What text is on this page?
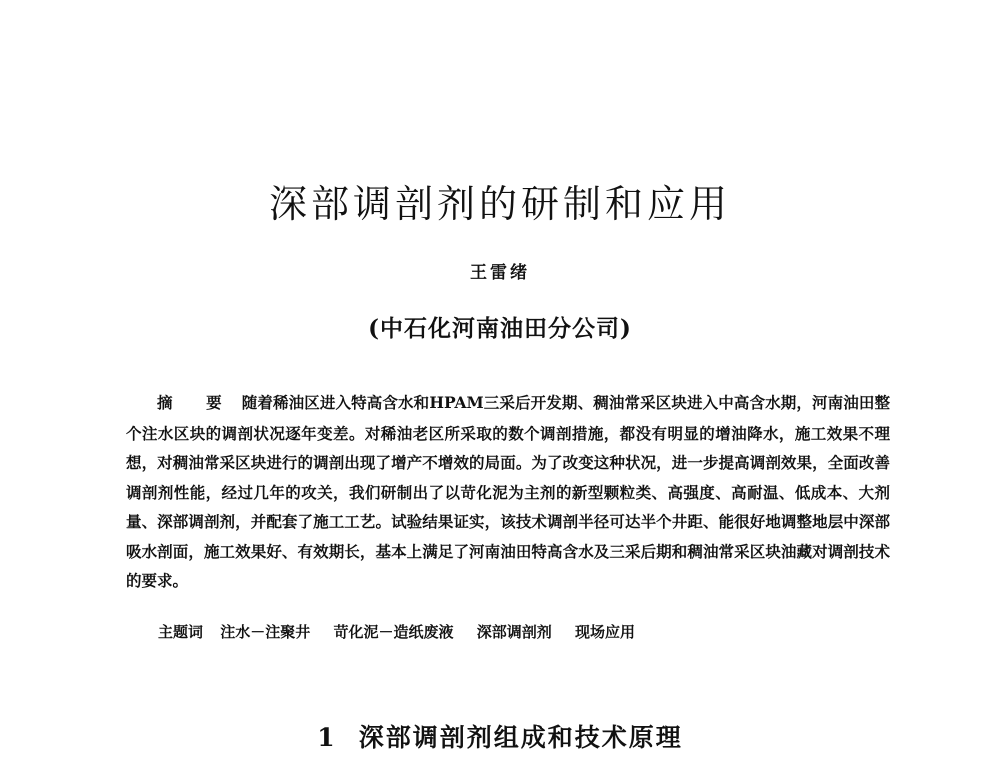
深部调剖剂的研制和应用
王雷绪
(中石化河南油田分公司)
摘 要 随着稀油区进入特高含水和HPAM三采后开发期、稠油常采区块进入中高含水期，河南油田整个注水区块的调剖状况逐年变差。对稀油老区所采取的数个调剖措施，都没有明显的增油降水，施工效果不理想，对稠油常采区块进行的调剖出现了增产不增效的局面。为了改变这种状况，进一步提高调剖效果，全面改善调剖剂性能，经过几年的攻关，我们研制出了以苛化泥为主剂的新型颗粒类、高强度、高耐温、低成本、大剂量、深部调剖剂，并配套了施工工艺。试验结果证实，该技术调剖半径可达半个井距、能很好地调整地层中深部吸水剖面，施工效果好、有效期长，基本上满足了河南油田特高含水及三采后期和稠油常采区块油藏对调剖技术的要求。
主题词 注水－注聚井 苛化泥－造纸废液 深部调剖剂 现场应用
1 深部调剖剂组成和技术原理
